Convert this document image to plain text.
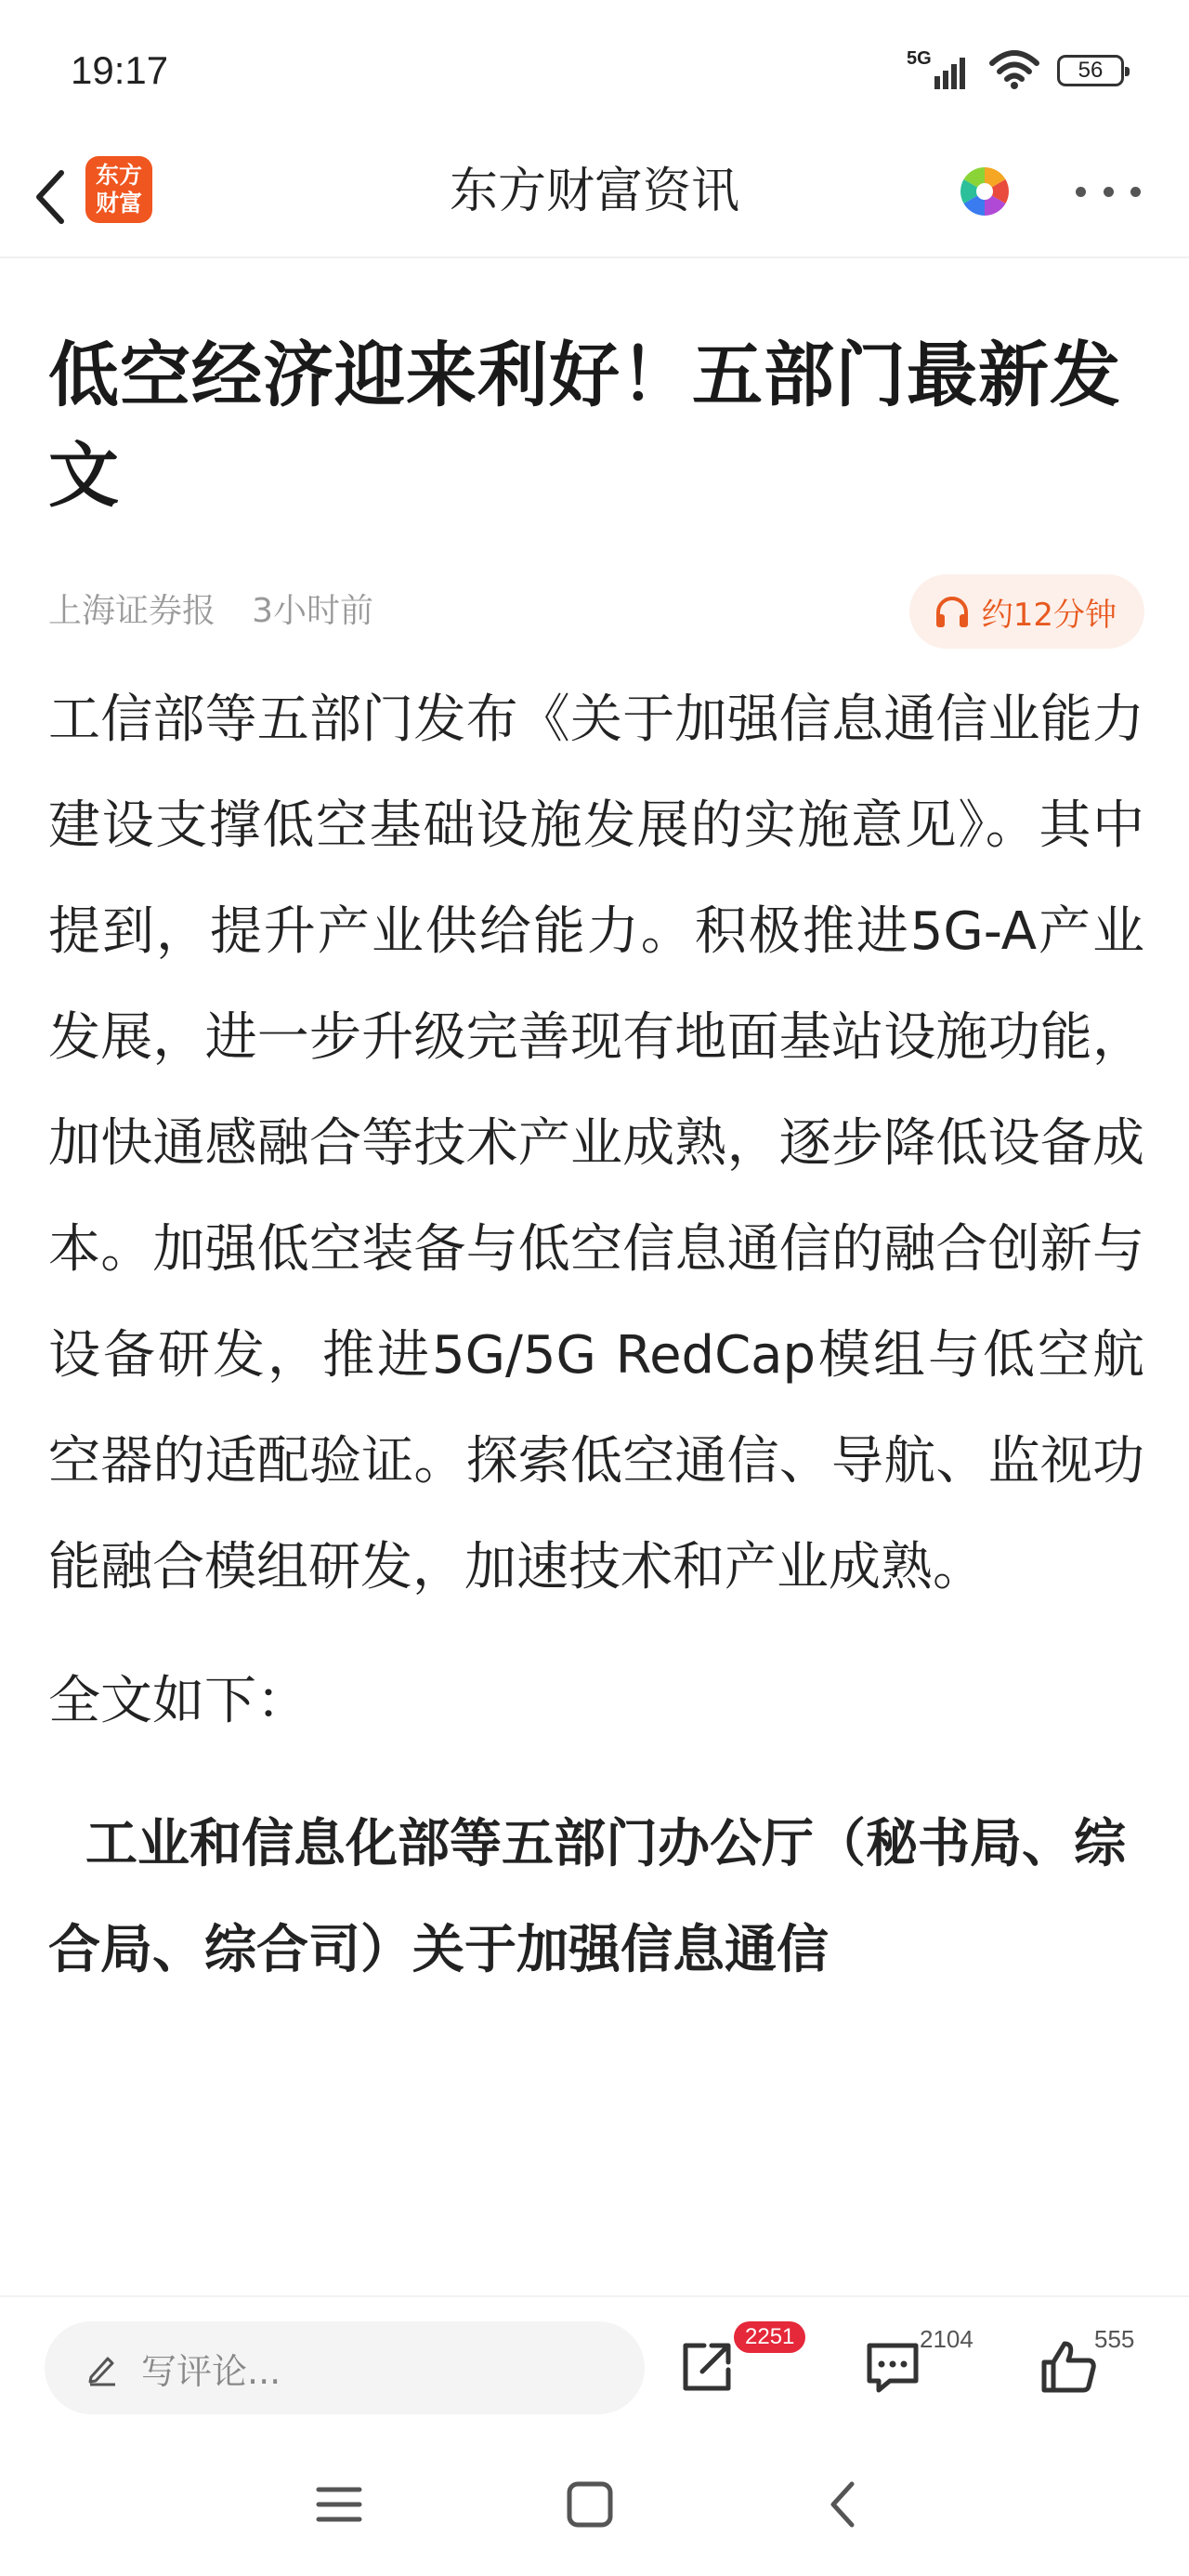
19:17	5G	56
东方
财富	东方财富资讯
低空经济迎来利好！五部门最新发文
上海证券报 3小时前	约12分钟

工信部等五部门发布《关于加强信息通信业能力建设支撑低空基础设施发展的实施意见》。其中提到，提升产业供给能力。积极推进5G-A产业发展，进一步升级完善现有地面基站设施功能，加快通感融合等技术产业成熟，逐步降低设备成本。加强低空装备与低空信息通信的融合创新与设备研发，推进5G/5G RedCap模组与低空航空器的适配验证。探索低空通信、导航、监视功能融合模组研发，加速技术和产业成熟。

全文如下：

工业和信息化部等五部门办公厅（秘书局、综合局、综合司）关于加强信息通信

写评论...
2251	2104	555
